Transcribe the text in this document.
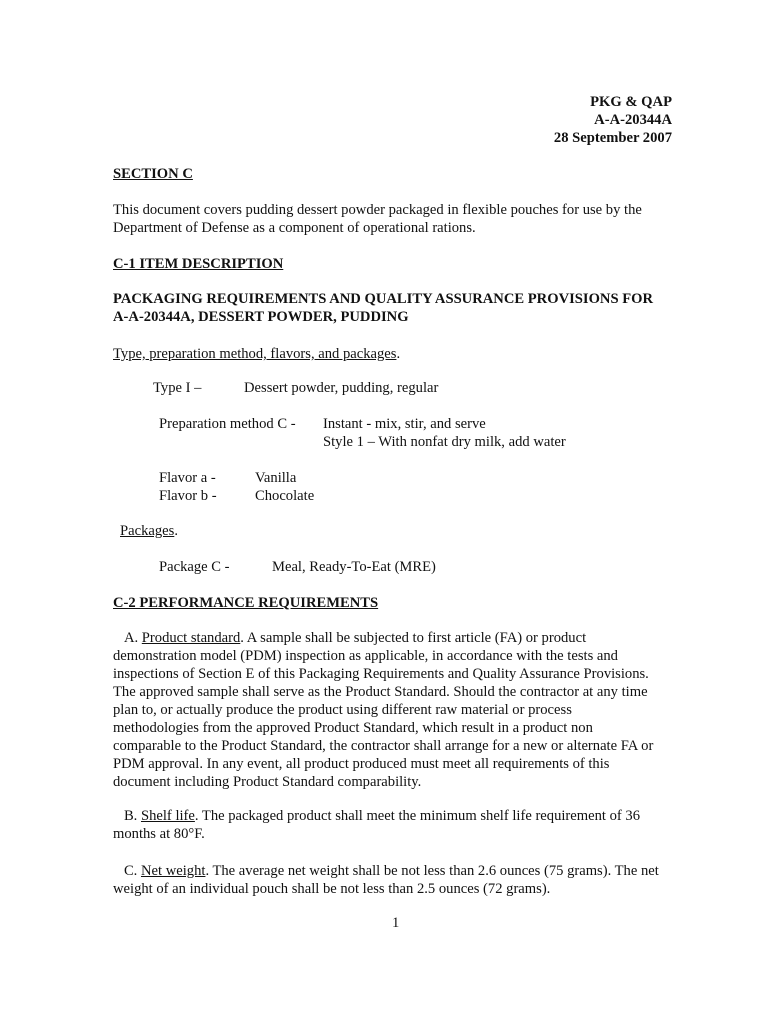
PKG & QAP
A-A-20344A
28 September 2007
SECTION C
This document covers pudding dessert powder packaged in flexible pouches for use by the
Department of Defense as a component of operational rations.
C-1 ITEM DESCRIPTION
PACKAGING REQUIREMENTS AND QUALITY ASSURANCE PROVISIONS FOR
A-A-20344A, DESSERT POWDER, PUDDING
Type, preparation method, flavors, and packages.
Type I –	Dessert powder, pudding, regular
Preparation method C - Instant - mix, stir, and serve
Style 1 – With nonfat dry milk, add water
Flavor a -	Vanilla
Flavor b -	Chocolate
Packages.
Package C -	Meal, Ready-To-Eat (MRE)
C-2 PERFORMANCE REQUIREMENTS
A. Product standard. A sample shall be subjected to first article (FA) or product
demonstration model (PDM) inspection as applicable, in accordance with the tests and
inspections of Section E of this Packaging Requirements and Quality Assurance Provisions.
The approved sample shall serve as the Product Standard. Should the contractor at any time
plan to, or actually produce the product using different raw material or process
methodologies from the approved Product Standard, which result in a product non
comparable to the Product Standard, the contractor shall arrange for a new or alternate FA or
PDM approval. In any event, all product produced must meet all requirements of this
document including Product Standard comparability.
B. Shelf life. The packaged product shall meet the minimum shelf life requirement of 36
months at 80°F.
C. Net weight. The average net weight shall be not less than 2.6 ounces (75 grams). The net
weight of an individual pouch shall be not less than 2.5 ounces (72 grams).
1
